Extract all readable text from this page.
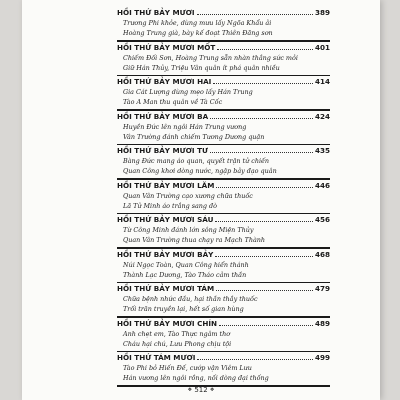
HỒI THỨ BẢY MƯƠI	389
Trương Phi khỏe, dùng mưu lấy Ngõa Khẩu ải
Hoàng Trung già, bày kế đoạt Thiên Đãng sơn
HỒI THỨ BẢY MƯƠI MỐT	401
Chiếm Đối Sơn, Hoàng Trung sẵn nhàn thắng sức mỏi
Giữ Hán Thủy, Triệu Vân quân ít phá quân nhiều
HỒI THỨ BẢY MƯƠI HAI	414
Gia Cát Lượng dùng mẹo lấy Hán Trung
Tào A Man thu quân về Tà Cốc
HỒI THỨ BẢY MƯƠI BA	424
Huyền Đức lên ngôi Hán Trung vương
Vân Trường đánh chiếm Tương Dương quận
HỒI THỨ BẢY MƯƠI TƯ	435
Bàng Đức mang áo quan, quyết trận tử chiến
Quan Công khơi dòng nước, ngập bảy đạo quân
HỒI THỨ BẢY MƯƠI LĂM	446
Quan Vân Trường cạo xương chữa thuốc
Lã Tử Minh áo trắng sang đò
HỒI THỨ BẢY MƯƠI SÁU	456
Từ Công Minh đánh lớn sông Miện Thủy
Quan Vân Trường thua chạy ra Mạch Thành
HỒI THỨ BẢY MƯƠI BẢY	468
Núi Ngọc Toàn, Quan Công hiển thánh
Thành Lạc Dương, Tào Tháo cảm thần
HỒI THỨ BẢY MƯƠI TÁM	479
Chữa bệnh nhức đầu, hại thần thầy thuốc
Trối trăn truyền lại, hết số gian hùng
HỒI THỨ BẢY MƯƠI CHÍN	489
Anh chẹt em, Tào Thực ngâm thơ
Cháu hại chú, Lưu Phong chịu tội
HỒI THỨ TÁM MƯƠI	499
Tào Phi bỏ Hiến Đế, cướp vận Viêm Lưu
Hán vương lên ngôi rồng, nối dòng đại thống
❖ 512 ❖
